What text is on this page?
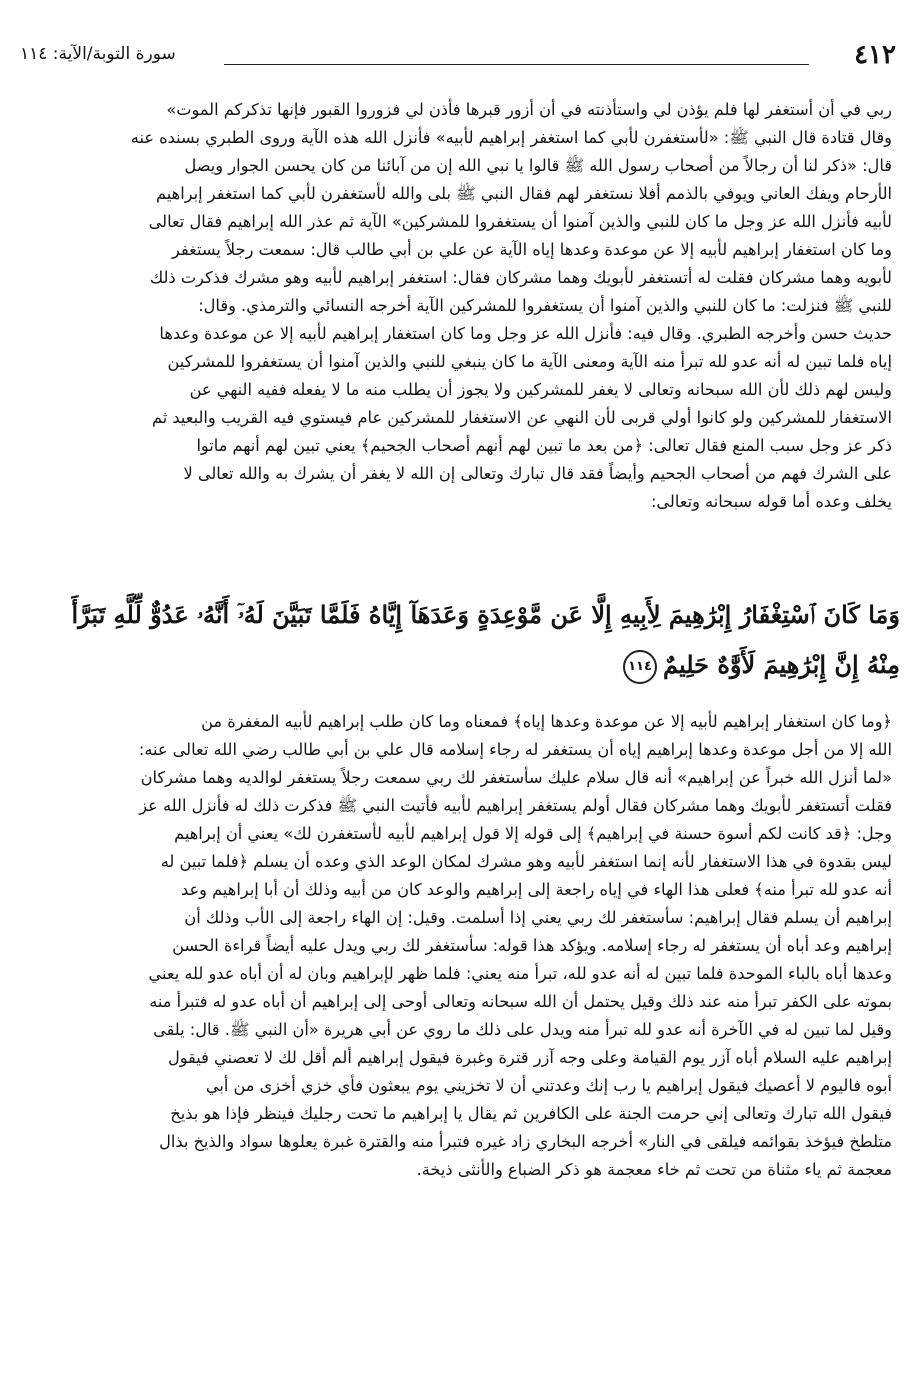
٤١٢
سورة التوبة/الآية: ١١٤
ربي في أن أستغفر لها فلم يؤذن لي واستأذنته في أن أزور قبرها فأذن لي فزوروا القبور فإنها تذكركم الموت»
وقال قتادة قال النبي ﷺ: «لأستغفرن لأبي كما استغفر إبراهيم لأبيه» فأنزل الله هذه الآية وروى الطبري بسنده عنه
قال: «ذكر لنا أن رجالاً من أصحاب رسول الله ﷺ قالوا يا نبي الله إن من آبائنا من كان يحسن الجوار ويصل
الأرحام ويفك العاني ويوفي بالذمم أفلا نستغفر لهم فقال النبي ﷺ بلى والله لأستغفرن لأبي كما استغفر إبراهيم
لأبيه فأنزل الله عز وجل ما كان للنبي والذين آمنوا أن يستغفروا للمشركين» الآية ثم عذر الله إبراهيم فقال تعالى
وما كان استغفار إبراهيم لأبيه إلا عن موعدة وعدها إياه الآية عن علي بن أبي طالب قال: سمعت رجلاً يستغفر
لأبويه وهما مشركان فقلت له أتستغفر لأبويك وهما مشركان فقال: استغفر إبراهيم لأبيه وهو مشرك فذكرت ذلك
للنبي ﷺ فنزلت: ما كان للنبي والذين آمنوا أن يستغفروا للمشركين الآية أخرجه النسائي والترمذي. وقال:
حديث حسن وأخرجه الطبري. وقال فيه: فأنزل الله عز وجل وما كان استغفار إبراهيم لأبيه إلا عن موعدة وعدها
إياه فلما تبين له أنه عدو لله تبرأ منه الآية ومعنى الآية ما كان ينبغي للنبي والذين آمنوا أن يستغفروا للمشركين
وليس لهم ذلك لأن الله سبحانه وتعالى لا يغفر للمشركين ولا يجوز أن يطلب منه ما لا يفعله ففيه النهي عن
الاستغفار للمشركين ولو كانوا أولي قربى لأن النهي عن الاستغفار للمشركين عام فيستوي فيه القريب والبعيد ثم
ذكر عز وجل سبب المنع فقال تعالى: ﴿من بعد ما تبين لهم أنهم أصحاب الجحيم﴾ يعني تبين لهم أنهم ماتوا
على الشرك فهم من أصحاب الجحيم وأيضاً فقد قال تبارك وتعالى إن الله لا يغفر أن يشرك به والله تعالى لا
يخلف وعده أما قوله سبحانه وتعالى:
وَمَا كَانَ ٱسْتِغْفَارُ إِبْرَٰهِيمَ لِأَبِيهِ إِلَّا عَن مَّوْعِدَةٍ وَعَدَهَآ إِيَّاهُ فَلَمَّا تَبَيَّنَ لَهُۥٓ أَنَّهُۥ عَدُوٌّ لِّلَّهِ تَبَرَّأَ
مِنْهُ إِنَّ إِبْرَٰهِيمَ لَأَوَّٰهٌ حَلِيمٌ١١٤
﴿وما كان استغفار إبراهيم لأبيه إلا عن موعدة وعدها إياه﴾ فمعناه وما كان طلب إبراهيم لأبيه المغفرة من
الله إلا من أجل موعدة وعدها إبراهيم إياه أن يستغفر له رجاء إسلامه قال علي بن أبي طالب رضي الله تعالى عنه:
«لما أنزل الله خبراً عن إبراهيم» أنه قال سلام عليك سأستغفر لك ربي سمعت رجلاً يستغفر لوالديه وهما مشركان
فقلت أتستغفر لأبويك وهما مشركان فقال أولم يستغفر إبراهيم لأبيه فأتيت النبي ﷺ فذكرت ذلك له فأنزل الله عز
وجل: ﴿قد كانت لكم أسوة حسنة في إبراهيم﴾ إلى قوله إلا قول إبراهيم لأبيه لأستغفرن لك» يعني أن إبراهيم
ليس بقدوة في هذا الاستغفار لأنه إنما استغفر لأبيه وهو مشرك لمكان الوعد الذي وعده أن يسلم ﴿فلما تبين له
أنه عدو لله تبرأ منه﴾ فعلى هذا الهاء في إياه راجعة إلى إبراهيم والوعد كان من أبيه وذلك أن أبا إبراهيم وعد
إبراهيم أن يسلم فقال إبراهيم: سأستغفر لك ربي يعني إذا أسلمت. وقيل: إن الهاء راجعة إلى الأب وذلك أن
إبراهيم وعد أباه أن يستغفر له رجاء إسلامه. ويؤكد هذا قوله: سأستغفر لك ربي ويدل عليه أيضاً قراءة الحسن
وعدها أباه بالباء الموحدة فلما تبين له أنه عدو لله، تبرأ منه يعني: فلما ظهر لإبراهيم وبان له أن أباه عدو لله يعني
بموته على الكفر تبرأ منه عند ذلك وقيل يحتمل أن الله سبحانه وتعالى أوحى إلى إبراهيم أن أباه عدو له فتبرأ منه
وقيل لما تبين له في الآخرة أنه عدو لله تبرأ منه ويدل على ذلك ما روي عن أبي هريرة «أن النبي ﷺ. قال: يلقى
إبراهيم عليه السلام أباه آزر يوم القيامة وعلى وجه آزر قترة وغبرة فيقول إبراهيم ألم أقل لك لا تعصني فيقول
أبوه فاليوم لا أعصيك فيقول إبراهيم يا رب إنك وعدتني أن لا تخزيني يوم يبعثون فأي خزي أخزى من أبي
فيقول الله تبارك وتعالى إني حرمت الجنة على الكافرين ثم يقال يا إبراهيم ما تحت رجليك فينظر فإذا هو بذيخ
متلطخ فيؤخذ بقوائمه فيلقى في النار» أخرجه البخاري زاد غيره فتبرأ منه والقترة غبرة يعلوها سواد والذيخ بذال
معجمة ثم ياء مثناة من تحت ثم خاء معجمة هو ذكر الضباع والأنثى ذيخة.
